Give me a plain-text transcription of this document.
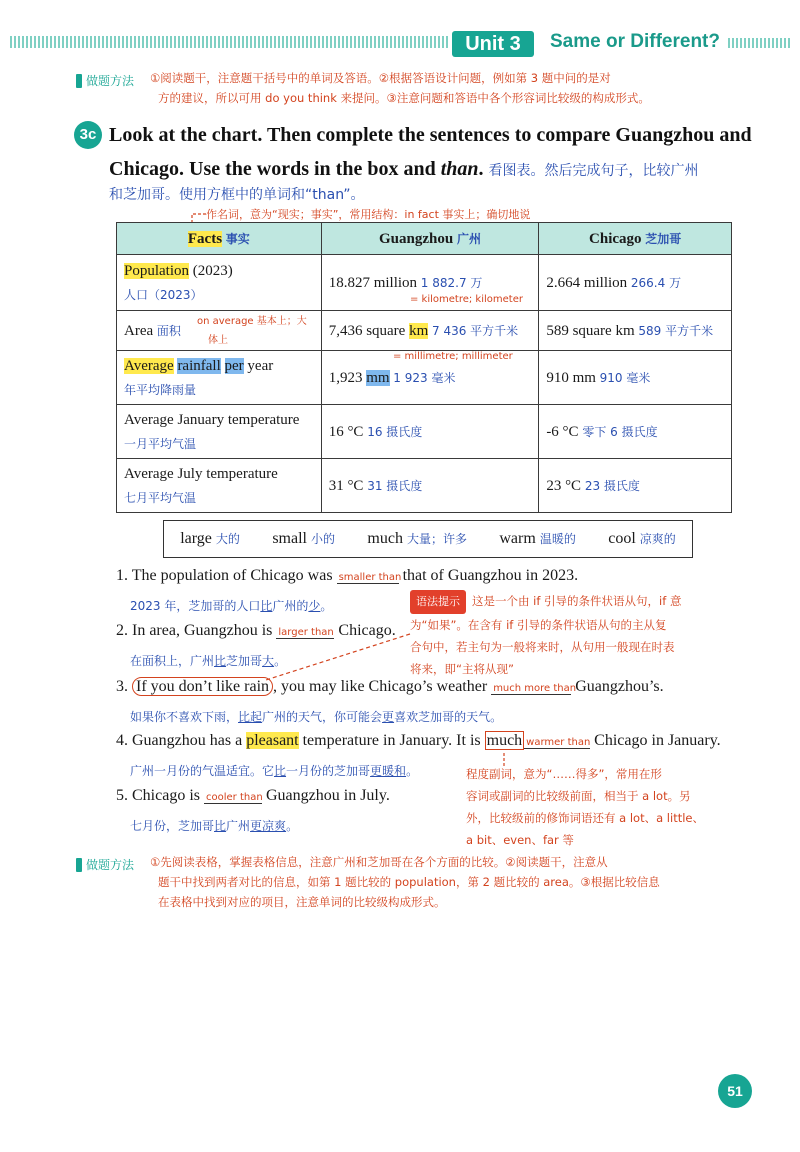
Unit 3	Same or Different?
做题方法 ①阅读题干，注意题干括号中的单词及答语。②根据答语设计问题，例如第 3 题中问的是对
方的建议，所以可用 do you think 来提问。③注意问题和答语中各个形容词比较级的构成形式。
3c Look at the chart. Then complete the sentences to compare Guangzhou and
Chicago. Use the words in the box and than. 看图表。然后完成句子，比较广州
和芝加哥。使用方框中的单词和“than”。
作名词，意为“现实；事实”，常用结构：in fact 事实上；确切地说
Facts 事实	Guangzhou 广州	Chicago 芝加哥
Population (2023)
人口（2023）	18.827 million 1 882.7 万	2.664 million 266.4 万
Area 面积	7,436 square km 7 436 平方千米	589 square km 589 平方千米
Average rainfall per year
年平均降雨量	1,923 mm 1 923 毫米	910 mm 910 毫米
Average January temperature
一月平均气温	16 °C 16 摄氏度	-6 °C 零下 6 摄氏度
Average July temperature
七月平均气温	31 °C 31 摄氏度	23 °C 23 摄氏度
= kilometre; kilometer
on average 基本上；大
体上
= millimetre; millimeter
large 大的 small 小的 much 大量；许多 warm 温暖的 cool 凉爽的
1. The population of Chicago was smaller than that of Guangzhou in 2023.
2023 年，芝加哥的人口比广州的少。
2. In area, Guangzhou is larger than Chicago.
在面积上，广州比芝加哥大。
语法提示 这是一个由 if 引导的条件状语从句，if 意
为“如果”。在含有 if 引导的条件状语从句的主从复
合句中，若主句为一般将来时，从句用一般现在时表
将来，即“主将从现”
3. If you don’t like rain , you may like Chicago’s weather much more than Guangzhou’s.
如果你不喜欢下雨，比起广州的天气，你可能会更喜欢芝加哥的天气。
4. Guangzhou has a pleasant temperature in January. It is much warmer than Chicago in January.
广州一月份的气温适宜。它比一月份的芝加哥更暖和。	程度副词，意为“……得多”，常用在形
容词或副词的比较级前面，相当于 a lot。另
外，比较级前的修饰词语还有 a lot、a little、
a bit、even、far 等
5. Chicago is cooler than Guangzhou in July.
七月份，芝加哥比广州更凉爽。
做题方法 ①先阅读表格，掌握表格信息，注意广州和芝加哥在各个方面的比较。②阅读题干，注意从
题干中找到两者对比的信息，如第 1 题比较的 population，第 2 题比较的 area。③根据比较信息
在表格中找到对应的项目，注意单词的比较级构成形式。
51
